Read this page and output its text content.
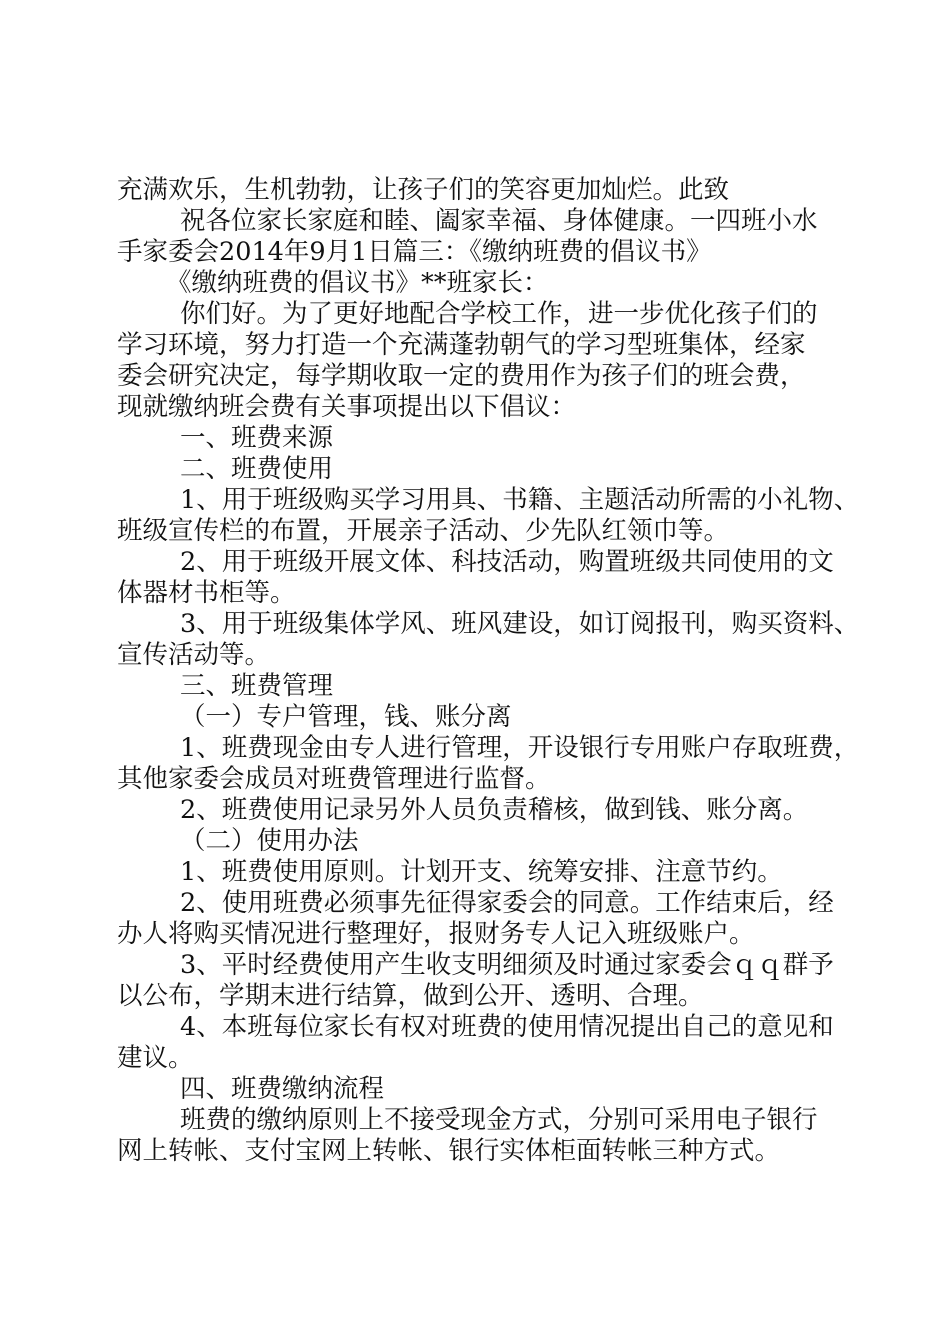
充满欢乐，生机勃勃，让孩子们的笑容更加灿烂。此致

祝各位家长家庭和睦、阖家幸福、身体健康。一四班小水

手家委会2014年9月1日篇三：《缴纳班费的倡议书》

《缴纳班费的倡议书》**班家长：

你们好。为了更好地配合学校工作，进一步优化孩子们的

学习环境，努力打造一个充满蓬勃朝气的学习型班集体，经家

委会研究决定，每学期收取一定的费用作为孩子们的班会费，

现就缴纳班会费有关事项提出以下倡议：

一、班费来源

二、班费使用

1、用于班级购买学习用具、书籍、主题活动所需的小礼物、

班级宣传栏的布置，开展亲子活动、少先队红领巾等。

2、用于班级开展文体、科技活动，购置班级共同使用的文

体器材书柜等。

3、用于班级集体学风、班风建设，如订阅报刊，购买资料、

宣传活动等。

三、班费管理

（一）专户管理，钱、账分离

1、班费现金由专人进行管理，开设银行专用账户存取班费，

其他家委会成员对班费管理进行监督。

2、班费使用记录另外人员负责稽核，做到钱、账分离。

（二）使用办法

1、班费使用原则。计划开支、统筹安排、注意节约。

2、使用班费必须事先征得家委会的同意。工作结束后，经

办人将购买情况进行整理好，报财务专人记入班级账户。

3、平时经费使用产生收支明细须及时通过家委会ｑｑ群予

以公布，学期末进行结算，做到公开、透明、合理。

4、本班每位家长有权对班费的使用情况提出自己的意见和

建议。

四、班费缴纳流程

班费的缴纳原则上不接受现金方式，分别可采用电子银行

网上转帐、支付宝网上转帐、银行实体柜面转帐三种方式。
